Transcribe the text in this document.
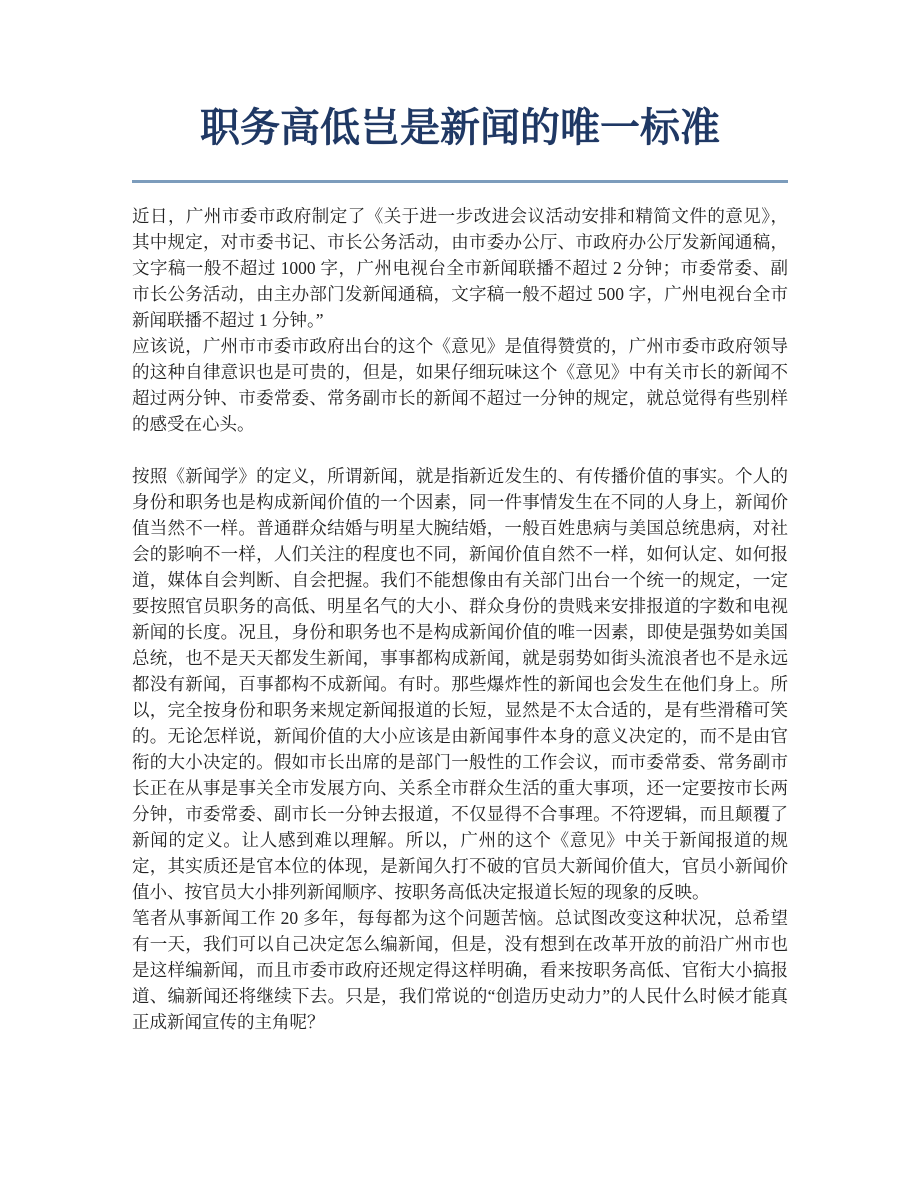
职务高低岂是新闻的唯一标准

近日，广州市委市政府制定了《关于进一步改进会议活动安排和精简文件的意见》，其中规定，对市委书记、市长公务活动，由市委办公厅、市政府办公厅发新闻通稿，文字稿一般不超过 1000 字，广州电视台全市新闻联播不超过 2 分钟；市委常委、副市长公务活动，由主办部门发新闻通稿，文字稿一般不超过 500 字，广州电视台全市新闻联播不超过 1 分钟。”

应该说，广州市市委市政府出台的这个《意见》是值得赞赏的，广州市委市政府领导的这种自律意识也是可贵的，但是，如果仔细玩味这个《意见》中有关市长的新闻不超过两分钟、市委常委、常务副市长的新闻不超过一分钟的规定，就总觉得有些别样的感受在心头。

按照《新闻学》的定义，所谓新闻，就是指新近发生的、有传播价值的事实。个人的身份和职务也是构成新闻价值的一个因素，同一件事情发生在不同的人身上，新闻价值当然不一样。普通群众结婚与明星大腕结婚，一般百姓患病与美国总统患病，对社会的影响不一样，人们关注的程度也不同，新闻价值自然不一样，如何认定、如何报道，媒体自会判断、自会把握。我们不能想像由有关部门出台一个统一的规定，一定要按照官员职务的高低、明星名气的大小、群众身份的贵贱来安排报道的字数和电视新闻的长度。况且，身份和职务也不是构成新闻价值的唯一因素，即使是强势如美国总统，也不是天天都发生新闻，事事都构成新闻，就是弱势如街头流浪者也不是永远都没有新闻，百事都构不成新闻。有时。那些爆炸性的新闻也会发生在他们身上。所以，完全按身份和职务来规定新闻报道的长短，显然是不太合适的，是有些滑稽可笑的。无论怎样说，新闻价值的大小应该是由新闻事件本身的意义决定的，而不是由官衔的大小决定的。假如市长出席的是部门一般性的工作会议，而市委常委、常务副市长正在从事是事关全市发展方向、关系全市群众生活的重大事项，还一定要按市长两分钟，市委常委、副市长一分钟去报道，不仅显得不合事理。不符逻辑，而且颠覆了新闻的定义。让人感到难以理解。所以，广州的这个《意见》中关于新闻报道的规定，其实质还是官本位的体现，是新闻久打不破的官员大新闻价值大，官员小新闻价值小、按官员大小排列新闻顺序、按职务高低决定报道长短的现象的反映。

笔者从事新闻工作 20 多年，每每都为这个问题苦恼。总试图改变这种状况，总希望有一天，我们可以自己决定怎么编新闻，但是，没有想到在改革开放的前沿广州市也是这样编新闻，而且市委市政府还规定得这样明确，看来按职务高低、官衔大小搞报道、编新闻还将继续下去。只是，我们常说的“创造历史动力”的人民什么时候才能真正成新闻宣传的主角呢？
